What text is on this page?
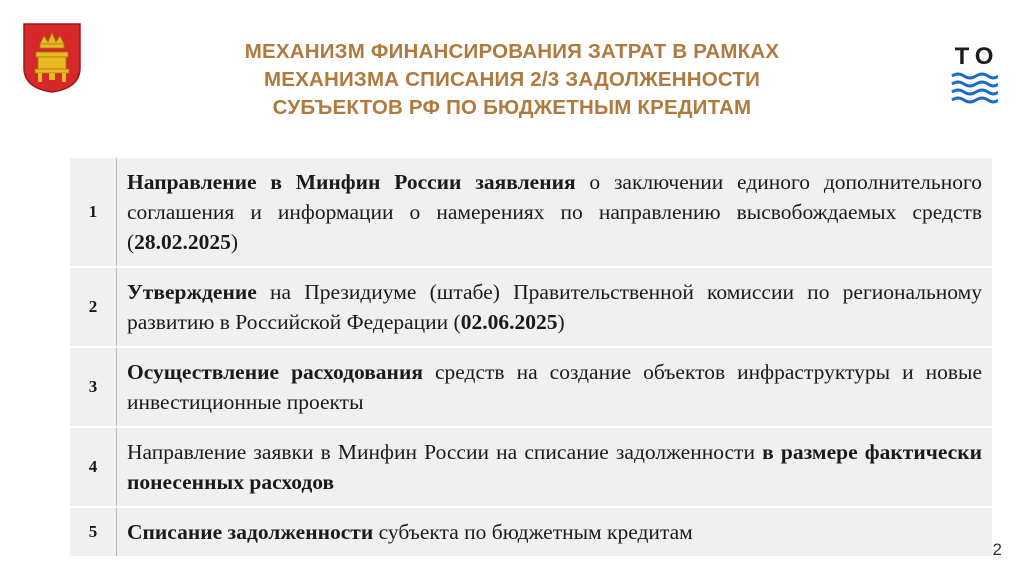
МЕХАНИЗМ ФИНАНСИРОВАНИЯ ЗАТРАТ В РАМКАХ
МЕХАНИЗМА СПИСАНИЯ 2/3 ЗАДОЛЖЕННОСТИ
СУБЪЕКТОВ РФ ПО БЮДЖЕТНЫМ КРЕДИТАМ
ТО
1	Направление в Минфин России заявления о заключении единого дополнительного соглашения и информации о намерениях по направлению высвобождаемых средств (28.02.2025)
2	Утверждение на Президиуме (штабе) Правительственной комиссии по региональному развитию в Российской Федерации (02.06.2025)
3	Осуществление расходования средств на создание объектов инфраструктуры и новые инвестиционные проекты
4	Направление заявки в Минфин России на списание задолженности в размере фактически понесенных расходов
5	Списание задолженности субъекта по бюджетным кредитам
2
